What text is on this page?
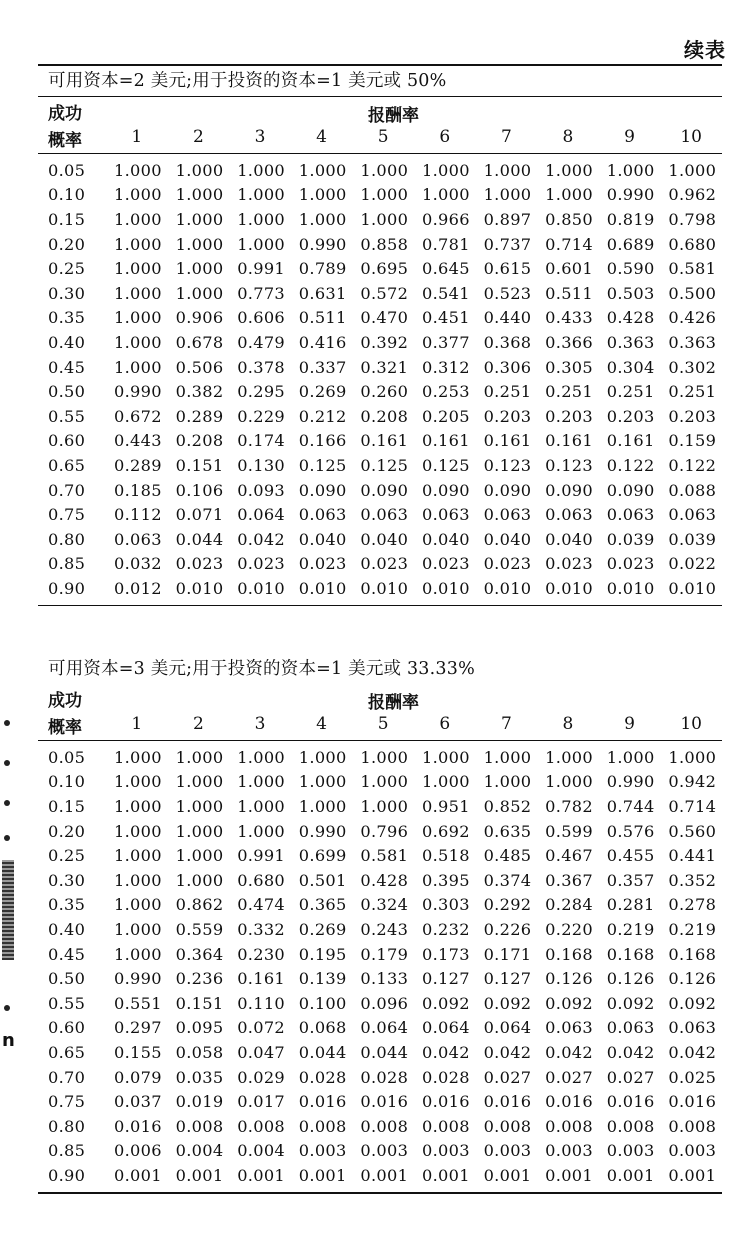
续表
n
可用资本=2 美元;用于投资的资本=1 美元或 50%
成功
概率
报酬率
1	2	3	4	5	6	7	8	9	10
0.05	1.000	1.000	1.000	1.000	1.000	1.000	1.000	1.000	1.000	1.000
0.10	1.000	1.000	1.000	1.000	1.000	1.000	1.000	1.000	0.990	0.962
0.15	1.000	1.000	1.000	1.000	1.000	0.966	0.897	0.850	0.819	0.798
0.20	1.000	1.000	1.000	0.990	0.858	0.781	0.737	0.714	0.689	0.680
0.25	1.000	1.000	0.991	0.789	0.695	0.645	0.615	0.601	0.590	0.581
0.30	1.000	1.000	0.773	0.631	0.572	0.541	0.523	0.511	0.503	0.500
0.35	1.000	0.906	0.606	0.511	0.470	0.451	0.440	0.433	0.428	0.426
0.40	1.000	0.678	0.479	0.416	0.392	0.377	0.368	0.366	0.363	0.363
0.45	1.000	0.506	0.378	0.337	0.321	0.312	0.306	0.305	0.304	0.302
0.50	0.990	0.382	0.295	0.269	0.260	0.253	0.251	0.251	0.251	0.251
0.55	0.672	0.289	0.229	0.212	0.208	0.205	0.203	0.203	0.203	0.203
0.60	0.443	0.208	0.174	0.166	0.161	0.161	0.161	0.161	0.161	0.159
0.65	0.289	0.151	0.130	0.125	0.125	0.125	0.123	0.123	0.122	0.122
0.70	0.185	0.106	0.093	0.090	0.090	0.090	0.090	0.090	0.090	0.088
0.75	0.112	0.071	0.064	0.063	0.063	0.063	0.063	0.063	0.063	0.063
0.80	0.063	0.044	0.042	0.040	0.040	0.040	0.040	0.040	0.039	0.039
0.85	0.032	0.023	0.023	0.023	0.023	0.023	0.023	0.023	0.023	0.022
0.90	0.012	0.010	0.010	0.010	0.010	0.010	0.010	0.010	0.010	0.010
可用资本=3 美元;用于投资的资本=1 美元或 33.33%
成功
概率
报酬率
1	2	3	4	5	6	7	8	9	10
0.05	1.000	1.000	1.000	1.000	1.000	1.000	1.000	1.000	1.000	1.000
0.10	1.000	1.000	1.000	1.000	1.000	1.000	1.000	1.000	0.990	0.942
0.15	1.000	1.000	1.000	1.000	1.000	0.951	0.852	0.782	0.744	0.714
0.20	1.000	1.000	1.000	0.990	0.796	0.692	0.635	0.599	0.576	0.560
0.25	1.000	1.000	0.991	0.699	0.581	0.518	0.485	0.467	0.455	0.441
0.30	1.000	1.000	0.680	0.501	0.428	0.395	0.374	0.367	0.357	0.352
0.35	1.000	0.862	0.474	0.365	0.324	0.303	0.292	0.284	0.281	0.278
0.40	1.000	0.559	0.332	0.269	0.243	0.232	0.226	0.220	0.219	0.219
0.45	1.000	0.364	0.230	0.195	0.179	0.173	0.171	0.168	0.168	0.168
0.50	0.990	0.236	0.161	0.139	0.133	0.127	0.127	0.126	0.126	0.126
0.55	0.551	0.151	0.110	0.100	0.096	0.092	0.092	0.092	0.092	0.092
0.60	0.297	0.095	0.072	0.068	0.064	0.064	0.064	0.063	0.063	0.063
0.65	0.155	0.058	0.047	0.044	0.044	0.042	0.042	0.042	0.042	0.042
0.70	0.079	0.035	0.029	0.028	0.028	0.028	0.027	0.027	0.027	0.025
0.75	0.037	0.019	0.017	0.016	0.016	0.016	0.016	0.016	0.016	0.016
0.80	0.016	0.008	0.008	0.008	0.008	0.008	0.008	0.008	0.008	0.008
0.85	0.006	0.004	0.004	0.003	0.003	0.003	0.003	0.003	0.003	0.003
0.90	0.001	0.001	0.001	0.001	0.001	0.001	0.001	0.001	0.001	0.001
